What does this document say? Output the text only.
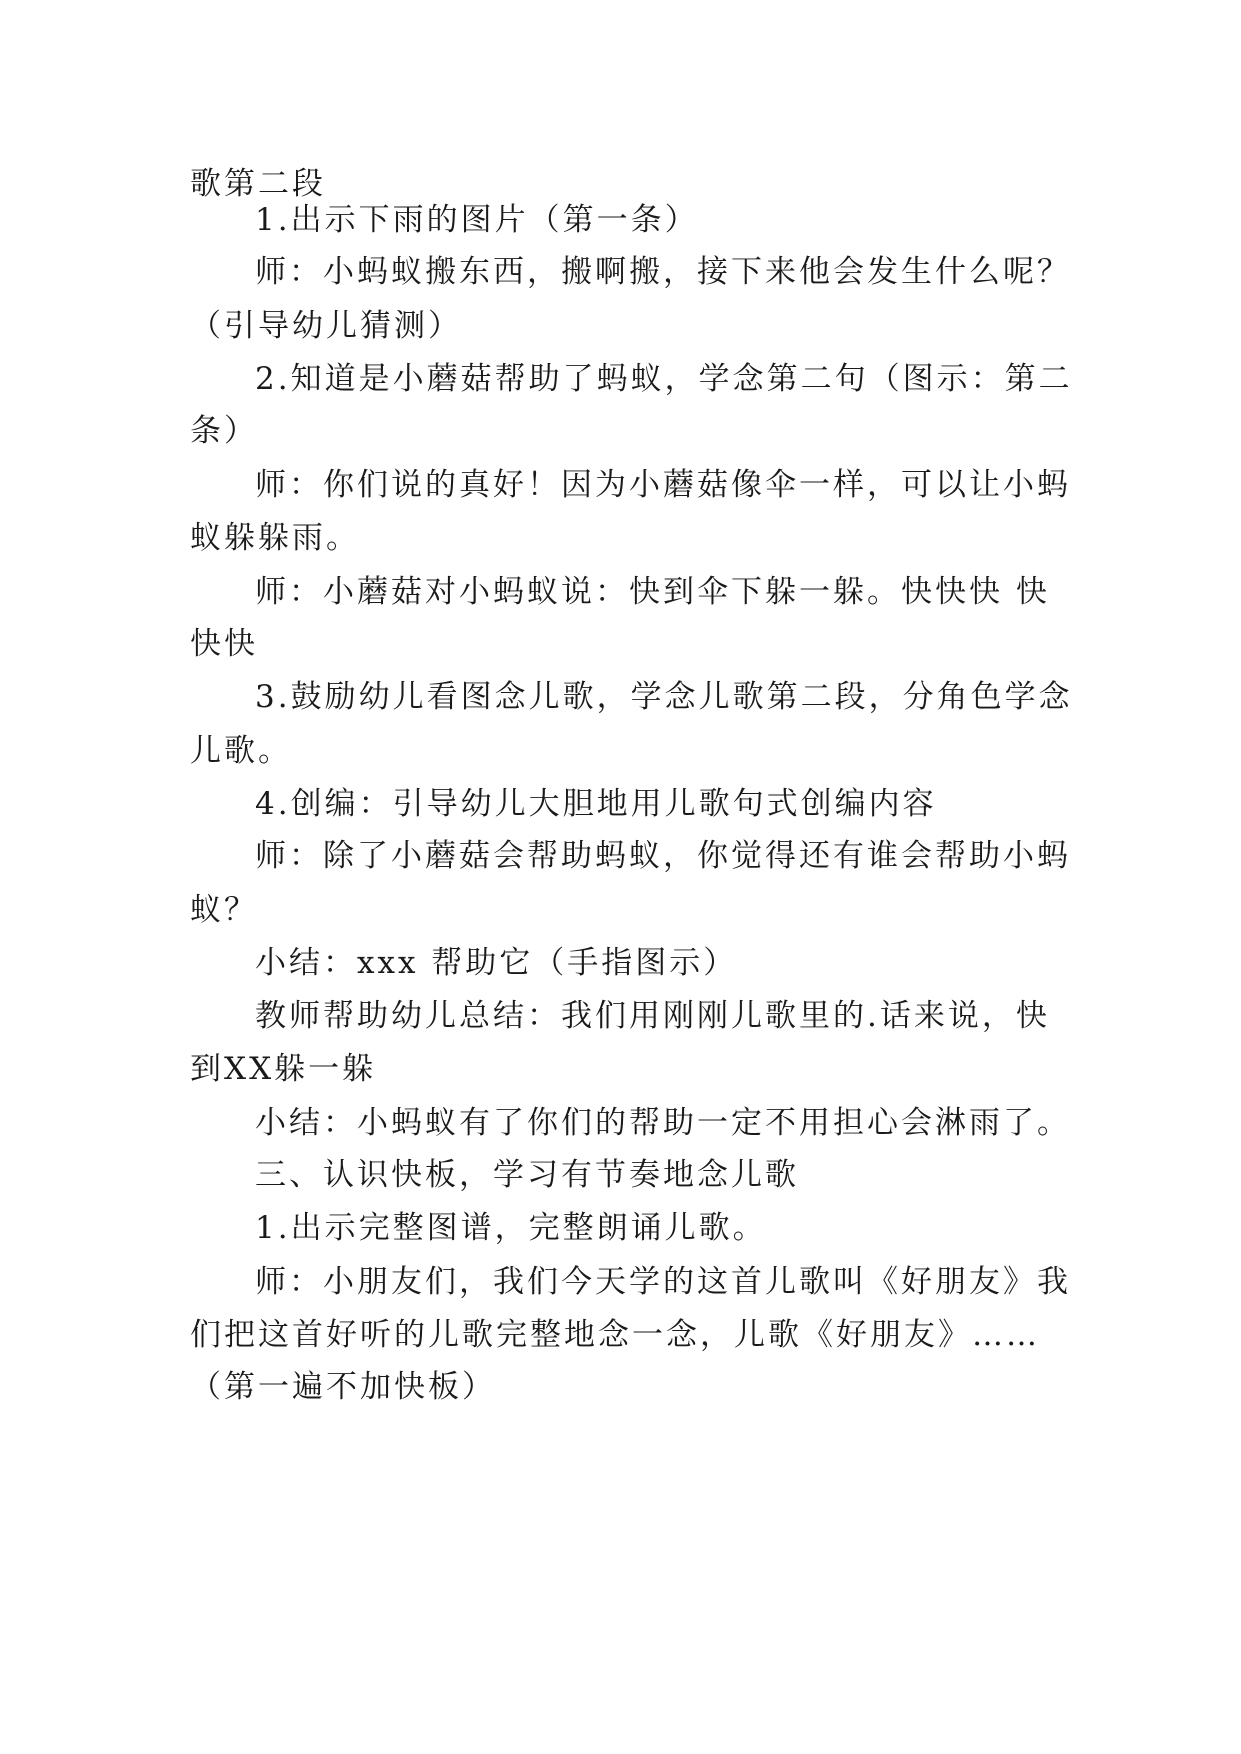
歌第二段
1.出示下雨的图片（第一条）
师：小蚂蚁搬东西，搬啊搬，接下来他会发生什么呢？
（引导幼儿猜测）
2.知道是小蘑菇帮助了蚂蚁，学念第二句（图示：第二
条）
师：你们说的真好！因为小蘑菇像伞一样，可以让小蚂
蚁躲躲雨。
师：小蘑菇对小蚂蚁说：快到伞下躲一躲。快快快 快
快快
3.鼓励幼儿看图念儿歌，学念儿歌第二段，分角色学念
儿歌。
4.创编：引导幼儿大胆地用儿歌句式创编内容
师：除了小蘑菇会帮助蚂蚁，你觉得还有谁会帮助小蚂
蚁？
小结：xxx 帮助它（手指图示）
教师帮助幼儿总结：我们用刚刚儿歌里的.话来说，快
到XX躲一躲
小结：小蚂蚁有了你们的帮助一定不用担心会淋雨了。
三、认识快板，学习有节奏地念儿歌
1.出示完整图谱，完整朗诵儿歌。
师：小朋友们，我们今天学的这首儿歌叫《好朋友》我
们把这首好听的儿歌完整地念一念，儿歌《好朋友》……
（第一遍不加快板）
